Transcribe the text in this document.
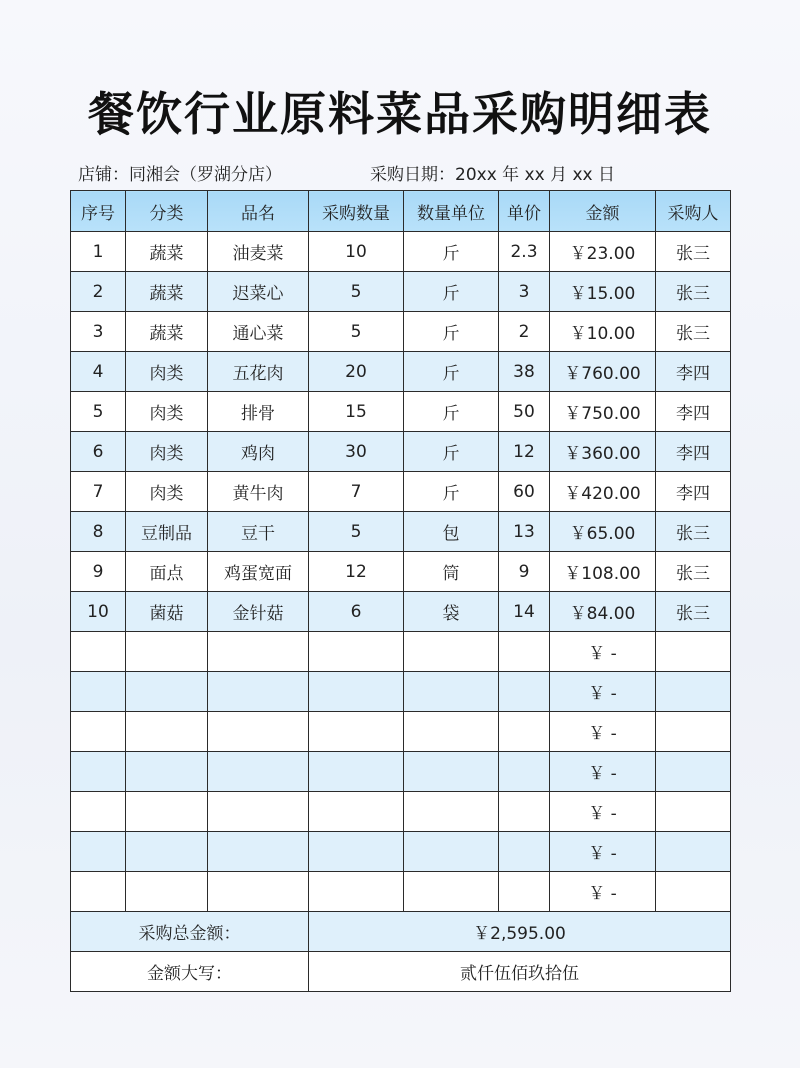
餐饮行业原料菜品采购明细表
店铺：同湘会（罗湖分店）	采购日期：20xx 年 xx 月 xx 日
序号	分类	品名	采购数量	数量单位	单价	金额	采购人
1	蔬菜	油麦菜	10	斤	2.3	￥23.00	张三
2	蔬菜	迟菜心	5	斤	3	￥15.00	张三
3	蔬菜	通心菜	5	斤	2	￥10.00	张三
4	肉类	五花肉	20	斤	38	￥760.00	李四
5	肉类	排骨	15	斤	50	￥750.00	李四
6	肉类	鸡肉	30	斤	12	￥360.00	李四
7	肉类	黄牛肉	7	斤	60	￥420.00	李四
8	豆制品	豆干	5	包	13	￥65.00	张三
9	面点	鸡蛋宽面	12	筒	9	￥108.00	张三
10	菌菇	金针菇	6	袋	14	￥84.00	张三
						￥ -	
						￥ -	
						￥ -	
						￥ -	
						￥ -	
						￥ -	
						￥ -	
采购总金额：			￥2,595.00				
金额大写：			贰仟伍佰玖拾伍				
